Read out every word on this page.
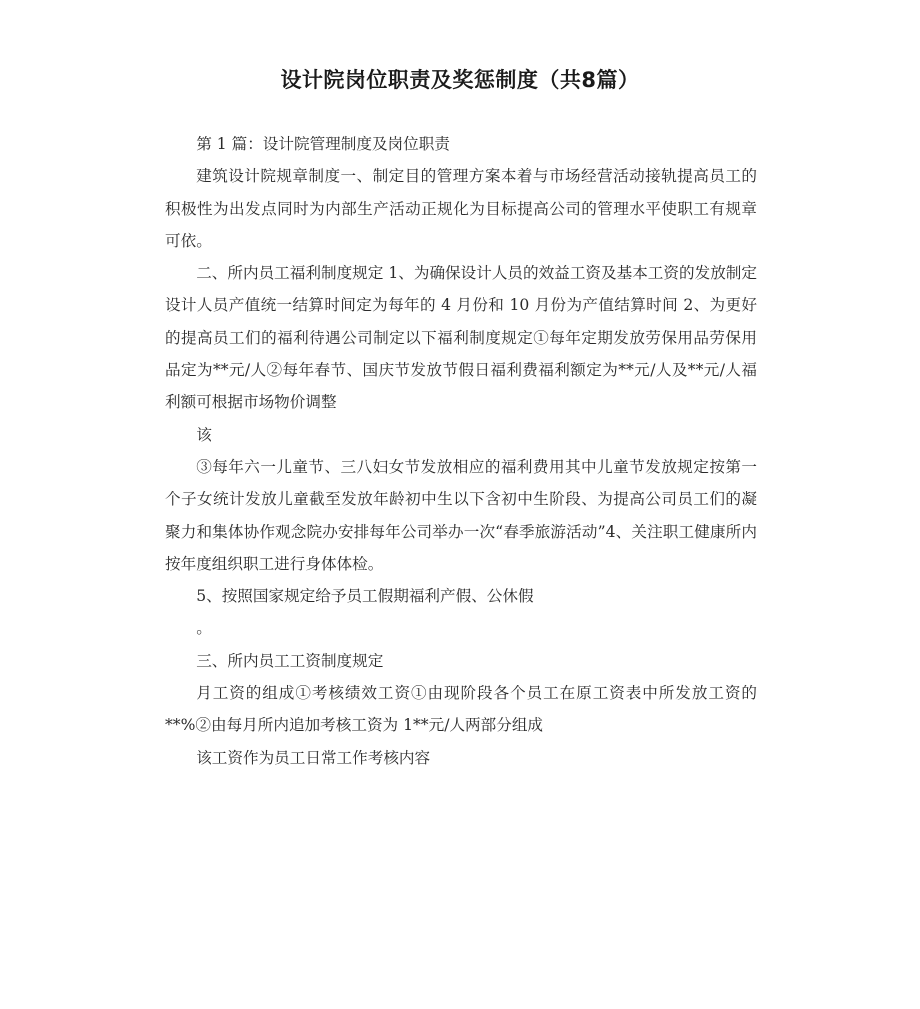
设计院岗位职责及奖惩制度（共8篇）

第 1 篇：设计院管理制度及岗位职责

建筑设计院规章制度一、制定目的管理方案本着与市场经营活动接轨提高员工的积极性为出发点同时为内部生产活动正规化为目标提高公司的管理水平使职工有规章可依。

二、所内员工福利制度规定 1、为确保设计人员的效益工资及基本工资的发放制定设计人员产值统一结算时间定为每年的 4 月份和 10 月份为产值结算时间 2、为更好的提高员工们的福利待遇公司制定以下福利制度规定①每年定期发放劳保用品劳保用品定为**元/人②每年春节、国庆节发放节假日福利费福利额定为**元/人及**元/人福利额可根据市场物价调整

该

③每年六一儿童节、三八妇女节发放相应的福利费用其中儿童节发放规定按第一个子女统计发放儿童截至发放年龄初中生以下含初中生阶段、为提高公司员工们的凝聚力和集体协作观念院办安排每年公司举办一次“春季旅游活动”4、关注职工健康所内按年度组织职工进行身体体检。

5、按照国家规定给予员工假期福利产假、公休假

。

三、所内员工工资制度规定

月工资的组成①考核绩效工资①由现阶段各个员工在原工资表中所发放工资的**%②由每月所内追加考核工资为 1**元/人两部分组成

该工资作为员工日常工作考核内容
